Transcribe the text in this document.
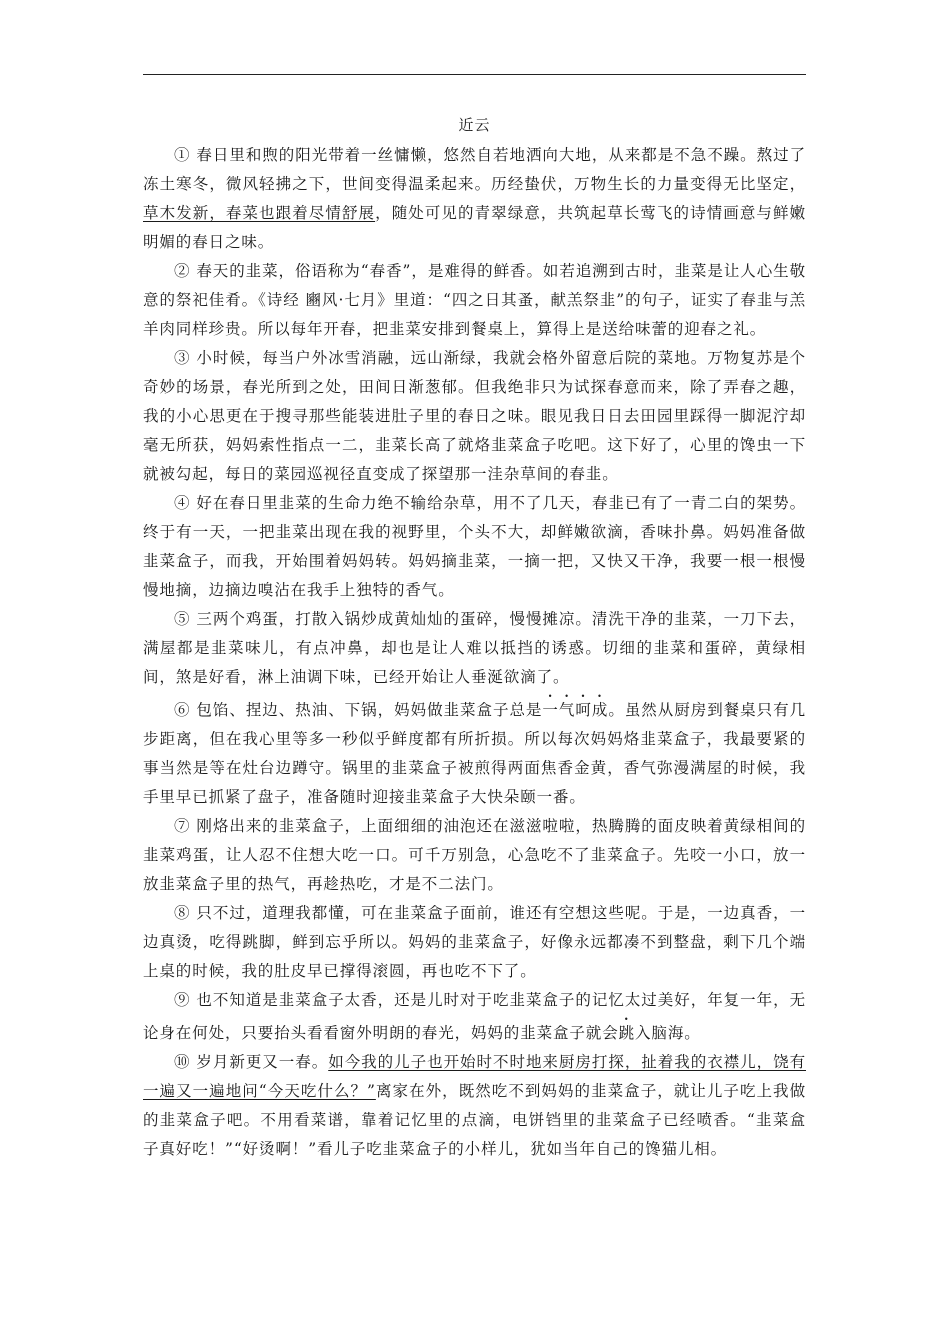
近云

① 春日里和煦的阳光带着一丝慵懒，悠然自若地洒向大地，从来都是不急不躁。熬过了冻土寒冬，微风轻拂之下，世间变得温柔起来。历经蛰伏，万物生长的力量变得无比坚定，草木发新，春菜也跟着尽情舒展，随处可见的青翠绿意，共筑起草长莺飞的诗情画意与鲜嫩明媚的春日之味。

② 春天的韭菜，俗语称为“春香”，是难得的鲜香。如若追溯到古时，韭菜是让人心生敬意的祭祀佳肴。《诗经 豳风·七月》里道：“四之日其蚤，献羔祭韭”的句子，证实了春韭与羔羊肉同样珍贵。所以每年开春，把韭菜安排到餐桌上，算得上是送给味蕾的迎春之礼。

③ 小时候，每当户外冰雪消融，远山渐绿，我就会格外留意后院的菜地。万物复苏是个奇妙的场景，春光所到之处，田间日渐葱郁。但我绝非只为试探春意而来，除了弄春之趣，我的小心思更在于搜寻那些能装进肚子里的春日之味。眼见我日日去田园里踩得一脚泥泞却毫无所获，妈妈索性指点一二，韭菜长高了就烙韭菜盒子吃吧。这下好了，心里的馋虫一下就被勾起，每日的菜园巡视径直变成了探望那一洼杂草间的春韭。

④ 好在春日里韭菜的生命力绝不输给杂草，用不了几天，春韭已有了一青二白的架势。终于有一天，一把韭菜出现在我的视野里，个头不大，却鲜嫩欲滴，香味扑鼻。妈妈准备做韭菜盒子，而我，开始围着妈妈转。妈妈摘韭菜，一摘一把，又快又干净，我要一根一根慢慢地摘，边摘边嗅沾在我手上独特的香气。

⑤ 三两个鸡蛋，打散入锅炒成黄灿灿的蛋碎，慢慢摊凉。清洗干净的韭菜，一刀下去，满屋都是韭菜味儿，有点冲鼻，却也是让人难以抵挡的诱惑。切细的韭菜和蛋碎，黄绿相间，煞是好看，淋上油调下味，已经开始让人垂涎欲滴了。

⑥ 包馅、捏边、热油、下锅，妈妈做韭菜盒子总是一气呵成。虽然从厨房到餐桌只有几步距离，但在我心里等多一秒似乎鲜度都有所折损。所以每次妈妈烙韭菜盒子，我最要紧的事当然是等在灶台边蹲守。锅里的韭菜盒子被煎得两面焦香金黄，香气弥漫满屋的时候，我手里早已抓紧了盘子，准备随时迎接韭菜盒子大快朵颐一番。

⑦ 刚烙出来的韭菜盒子，上面细细的油泡还在滋滋啦啦，热腾腾的面皮映着黄绿相间的韭菜鸡蛋，让人忍不住想大吃一口。可千万别急，心急吃不了韭菜盒子。先咬一小口，放一放韭菜盒子里的热气，再趁热吃，才是不二法门。

⑧ 只不过，道理我都懂，可在韭菜盒子面前，谁还有空想这些呢。于是，一边真香，一边真烫，吃得跳脚，鲜到忘乎所以。妈妈的韭菜盒子，好像永远都凑不到整盘，剩下几个端上桌的时候，我的肚皮早已撑得滚圆，再也吃不下了。

⑨ 也不知道是韭菜盒子太香，还是儿时对于吃韭菜盒子的记忆太过美好，年复一年，无论身在何处，只要抬头看看窗外明朗的春光，妈妈的韭菜盒子就会跳入脑海。

⑩ 岁月新更又一春。如今我的儿子也开始时不时地来厨房打探，扯着我的衣襟儿，饶有一遍又一遍地问“今天吃什么？”离家在外，既然吃不到妈妈的韭菜盒子，就让儿子吃上我做的韭菜盒子吧。不用看菜谱，靠着记忆里的点滴，电饼铛里的韭菜盒子已经喷香。“韭菜盒子真好吃！”“好烫啊！”看儿子吃韭菜盒子的小样儿，犹如当年自己的馋猫儿相。
